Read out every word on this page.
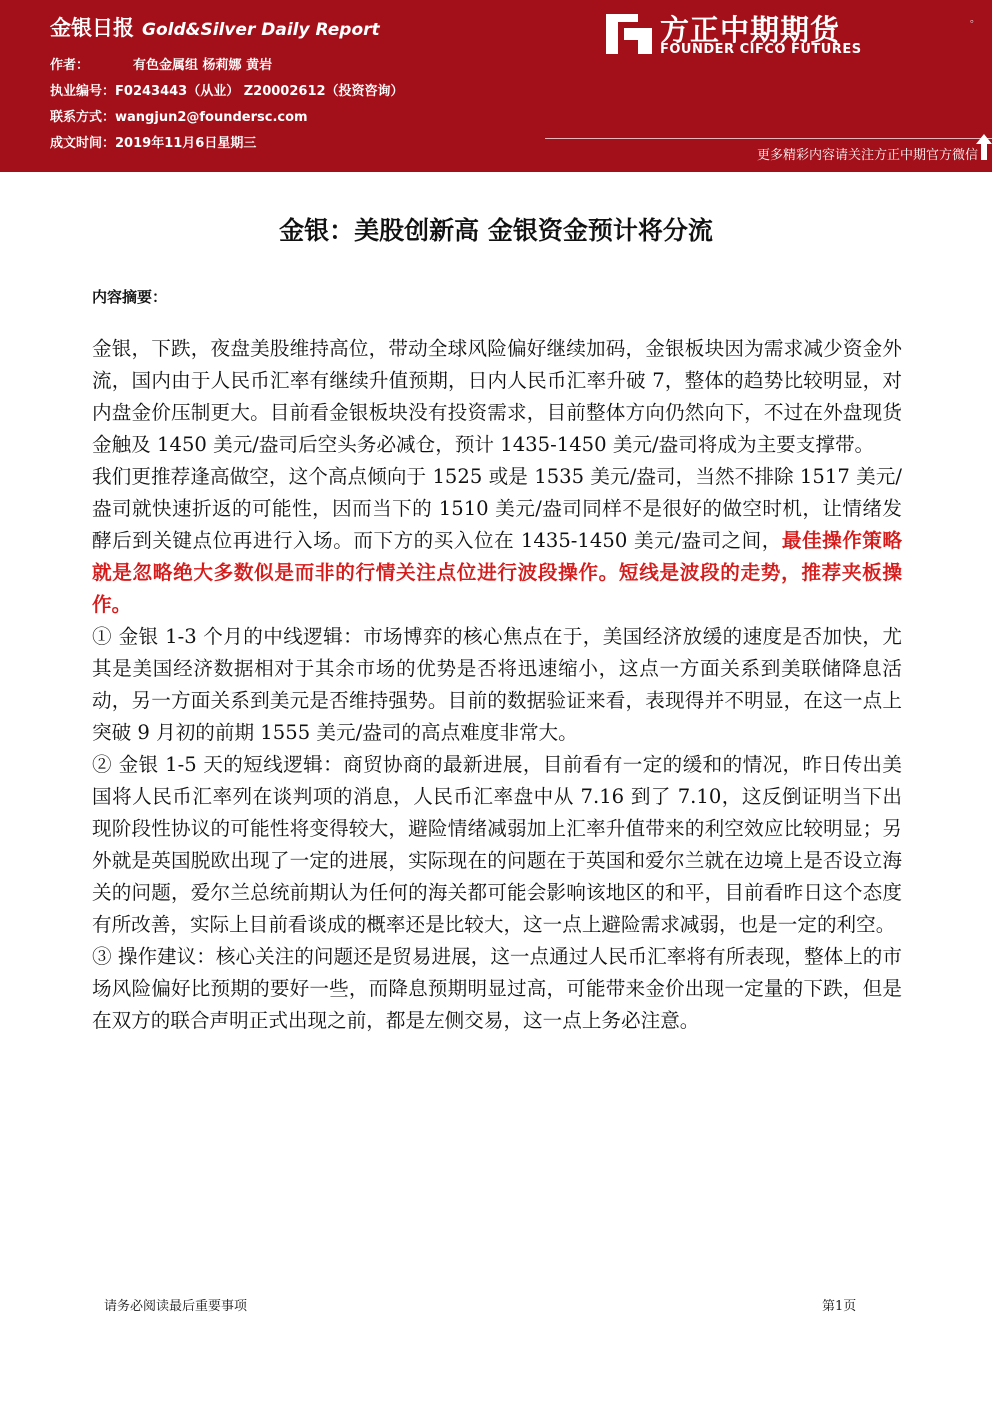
金银日报 Gold&Silver Daily Report
作者：	有色金属组 杨莉娜 黄岩
执业编号：F0243443（从业） Z20002612（投资咨询）
联系方式：wangjun2@foundersc.com
成文时间：2019年11月6日星期三
方正中期期货
FOUNDER CIFCO FUTURES
。
更多精彩内容请关注方正中期官方微信
金银：美股创新高 金银资金预计将分流
内容摘要：

金银，下跌，夜盘美股维持高位，带动全球风险偏好继续加码，金银板块因为需求减少资金外流，国内由于人民币汇率有继续升值预期，日内人民币汇率升破 7，整体的趋势比较明显，对内盘金价压制更大。目前看金银板块没有投资需求，目前整体方向仍然向下，不过在外盘现货金触及 1450 美元/盎司后空头务必减仓，预计 1435-1450 美元/盎司将成为主要支撑带。

我们更推荐逢高做空，这个高点倾向于 1525 或是 1535 美元/盎司，当然不排除 1517 美元/盎司就快速折返的可能性，因而当下的 1510 美元/盎司同样不是很好的做空时机，让情绪发酵后到关键点位再进行入场。而下方的买入位在 1435-1450 美元/盎司之间，最佳操作策略就是忽略绝大多数似是而非的行情关注点位进行波段操作。短线是波段的走势，推荐夹板操作。

① 金银 1-3 个月的中线逻辑：市场博弈的核心焦点在于，美国经济放缓的速度是否加快，尤其是美国经济数据相对于其余市场的优势是否将迅速缩小，这点一方面关系到美联储降息活动，另一方面关系到美元是否维持强势。目前的数据验证来看，表现得并不明显，在这一点上突破 9 月初的前期 1555 美元/盎司的高点难度非常大。

② 金银 1-5 天的短线逻辑：商贸协商的最新进展，目前看有一定的缓和的情况，昨日传出美国将人民币汇率列在谈判项的消息，人民币汇率盘中从 7.16 到了 7.10，这反倒证明当下出现阶段性协议的可能性将变得较大，避险情绪减弱加上汇率升值带来的利空效应比较明显；另外就是英国脱欧出现了一定的进展，实际现在的问题在于英国和爱尔兰就在边境上是否设立海关的问题，爱尔兰总统前期认为任何的海关都可能会影响该地区的和平，目前看昨日这个态度有所改善，实际上目前看谈成的概率还是比较大，这一点上避险需求减弱，也是一定的利空。

③ 操作建议：核心关注的问题还是贸易进展，这一点通过人民币汇率将有所表现，整体上的市场风险偏好比预期的要好一些，而降息预期明显过高，可能带来金价出现一定量的下跌，但是在双方的联合声明正式出现之前，都是左侧交易，这一点上务必注意。

请务必阅读最后重要事项	第1页
